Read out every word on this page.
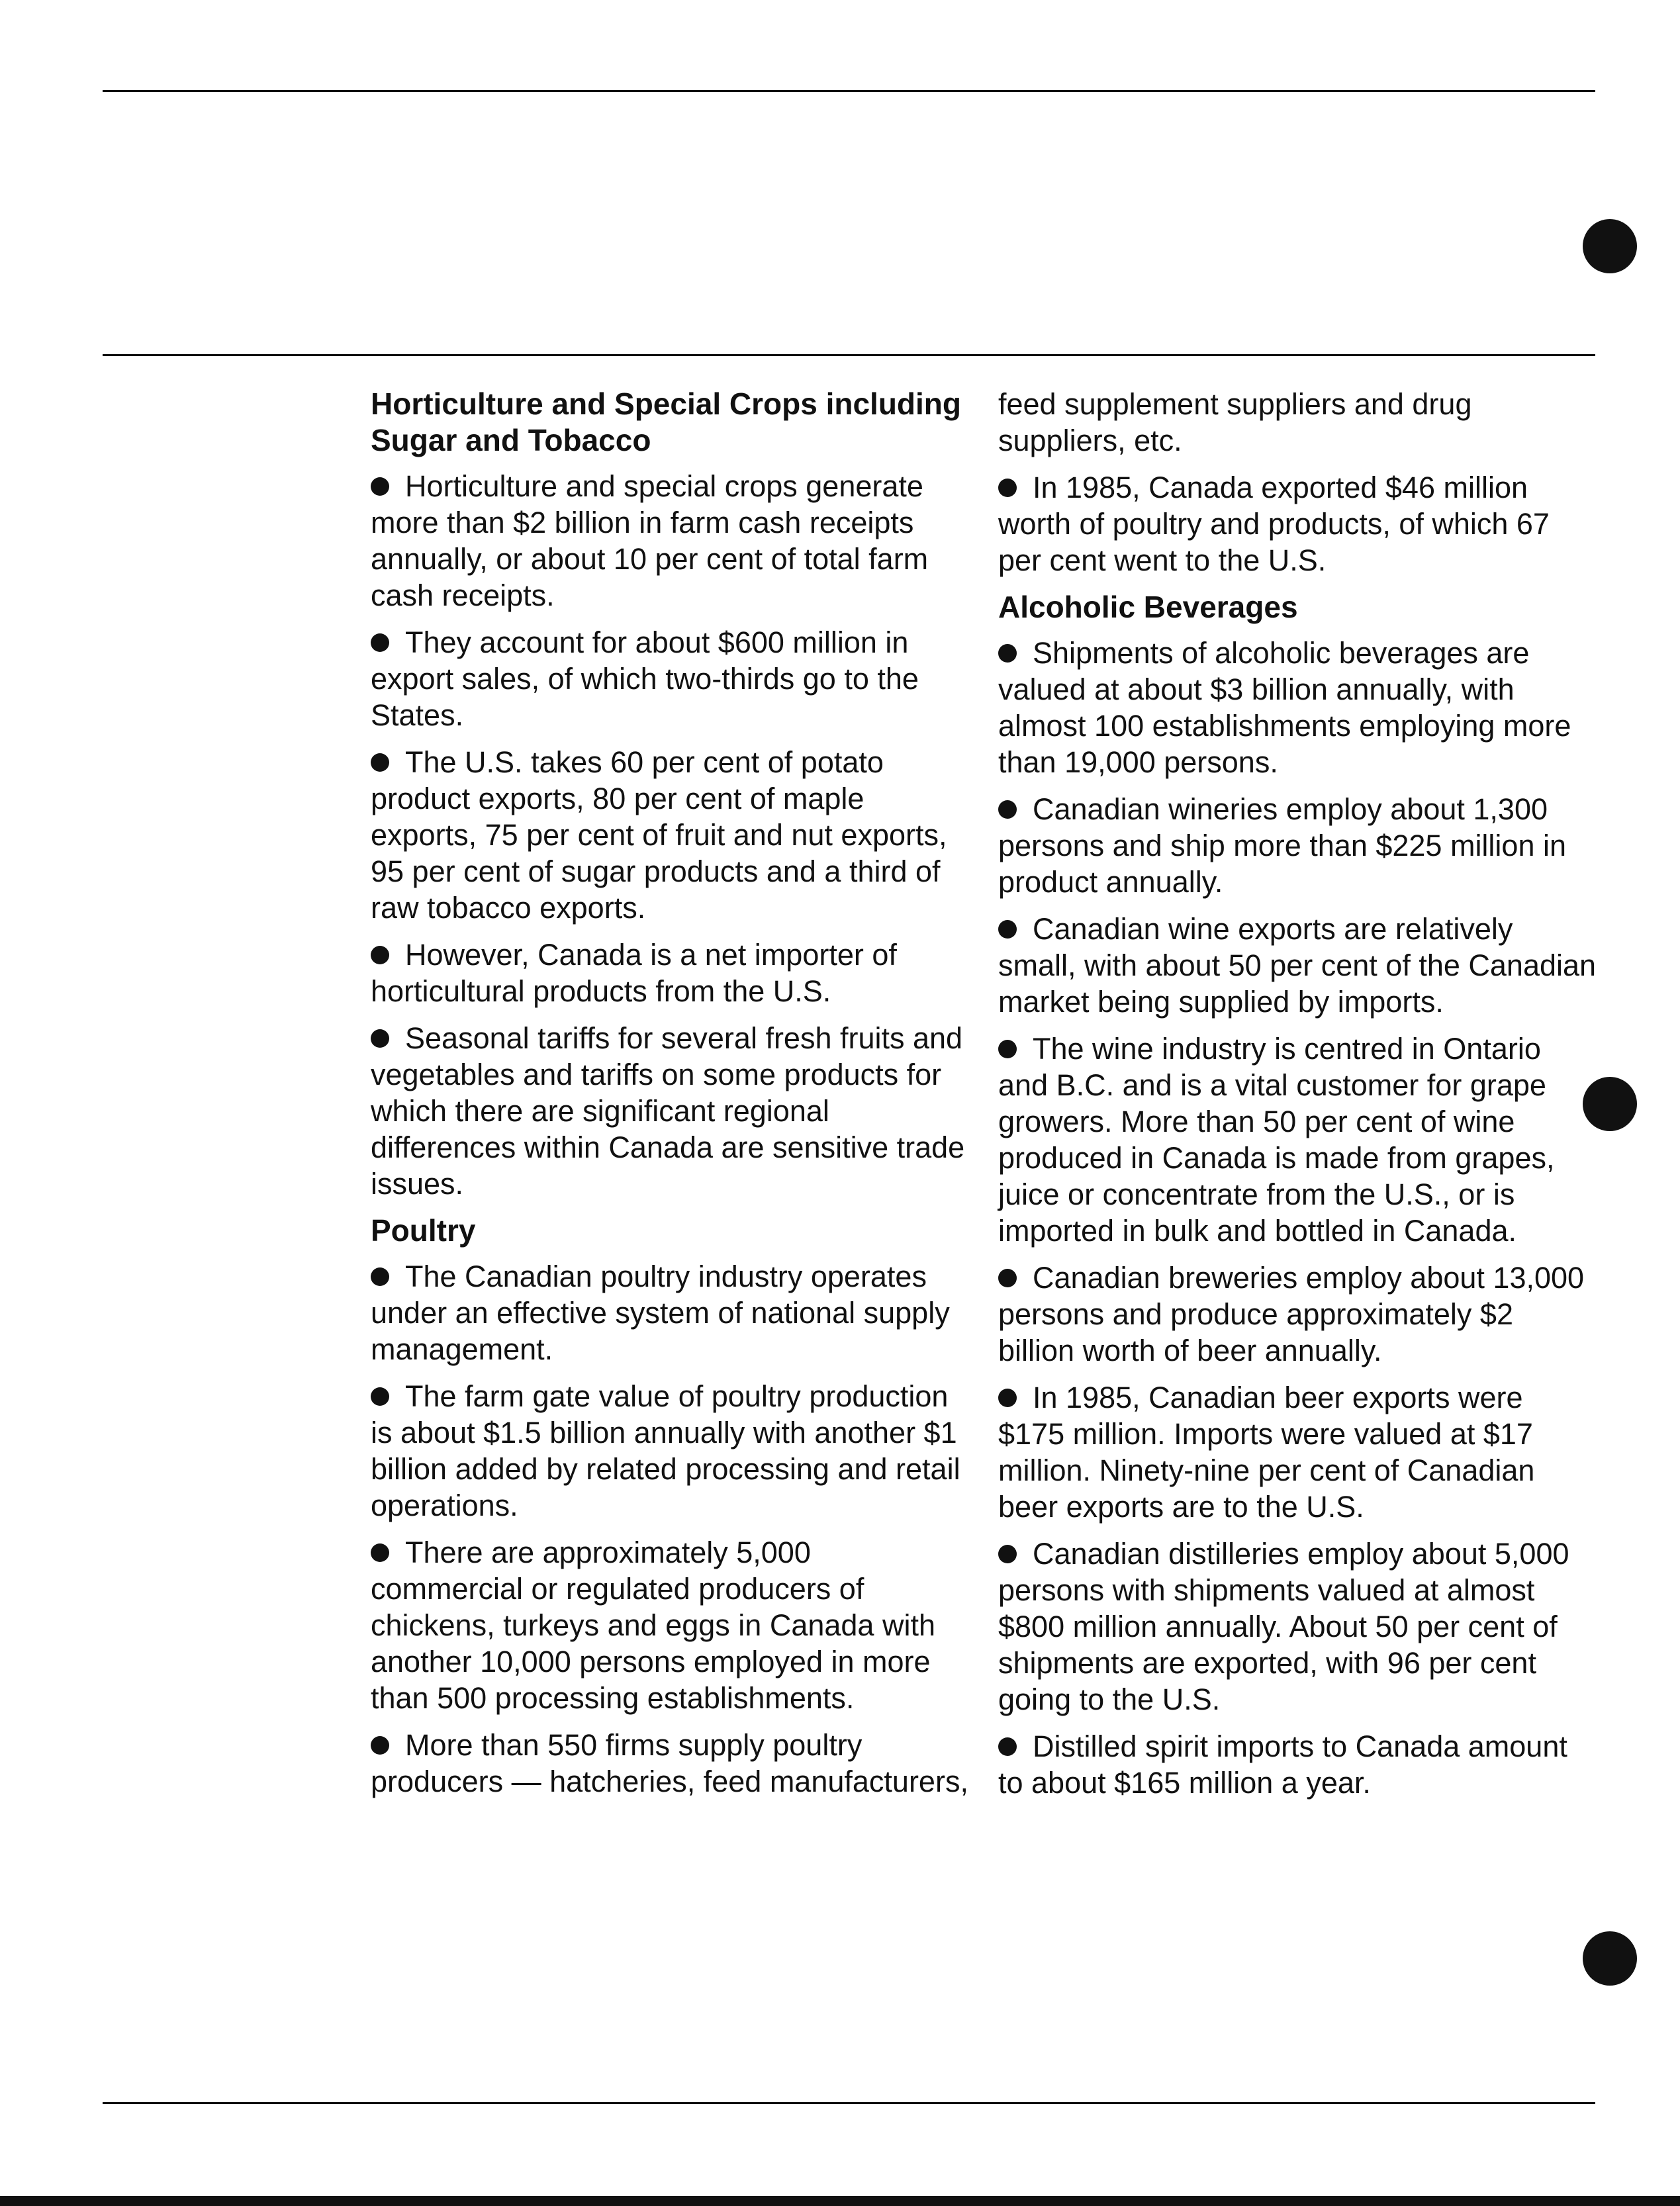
Horticulture and Special Crops including Sugar and Tobacco
Horticulture and special crops generate more than $2 billion in farm cash receipts annually, or about 10 per cent of total farm cash receipts.
They account for about $600 million in export sales, of which two-thirds go to the States.
The U.S. takes 60 per cent of potato product exports, 80 per cent of maple exports, 75 per cent of fruit and nut exports, 95 per cent of sugar products and a third of raw tobacco exports.
However, Canada is a net importer of horticultural products from the U.S.
Seasonal tariffs for several fresh fruits and vegetables and tariffs on some products for which there are significant regional differences within Canada are sensitive trade issues.
Poultry
The Canadian poultry industry operates under an effective system of national supply management.
The farm gate value of poultry production is about $1.5 billion annually with another $1 billion added by related processing and retail operations.
There are approximately 5,000 commercial or regulated producers of chickens, turkeys and eggs in Canada with another 10,000 persons employed in more than 500 processing establishments.
More than 550 firms supply poultry producers — hatcheries, feed manufacturers,
feed supplement suppliers and drug suppliers, etc.
In 1985, Canada exported $46 million worth of poultry and products, of which 67 per cent went to the U.S.
Alcoholic Beverages
Shipments of alcoholic beverages are valued at about $3 billion annually, with almost 100 establishments employing more than 19,000 persons.
Canadian wineries employ about 1,300 persons and ship more than $225 million in product annually.
Canadian wine exports are relatively small, with about 50 per cent of the Canadian market being supplied by imports.
The wine industry is centred in Ontario and B.C. and is a vital customer for grape growers. More than 50 per cent of wine produced in Canada is made from grapes, juice or concentrate from the U.S., or is imported in bulk and bottled in Canada.
Canadian breweries employ about 13,000 persons and produce approximately $2 billion worth of beer annually.
In 1985, Canadian beer exports were $175 million. Imports were valued at $17 million. Ninety-nine per cent of Canadian beer exports are to the U.S.
Canadian distilleries employ about 5,000 persons with shipments valued at almost $800 million annually. About 50 per cent of shipments are exported, with 96 per cent going to the U.S.
Distilled spirit imports to Canada amount to about $165 million a year.
